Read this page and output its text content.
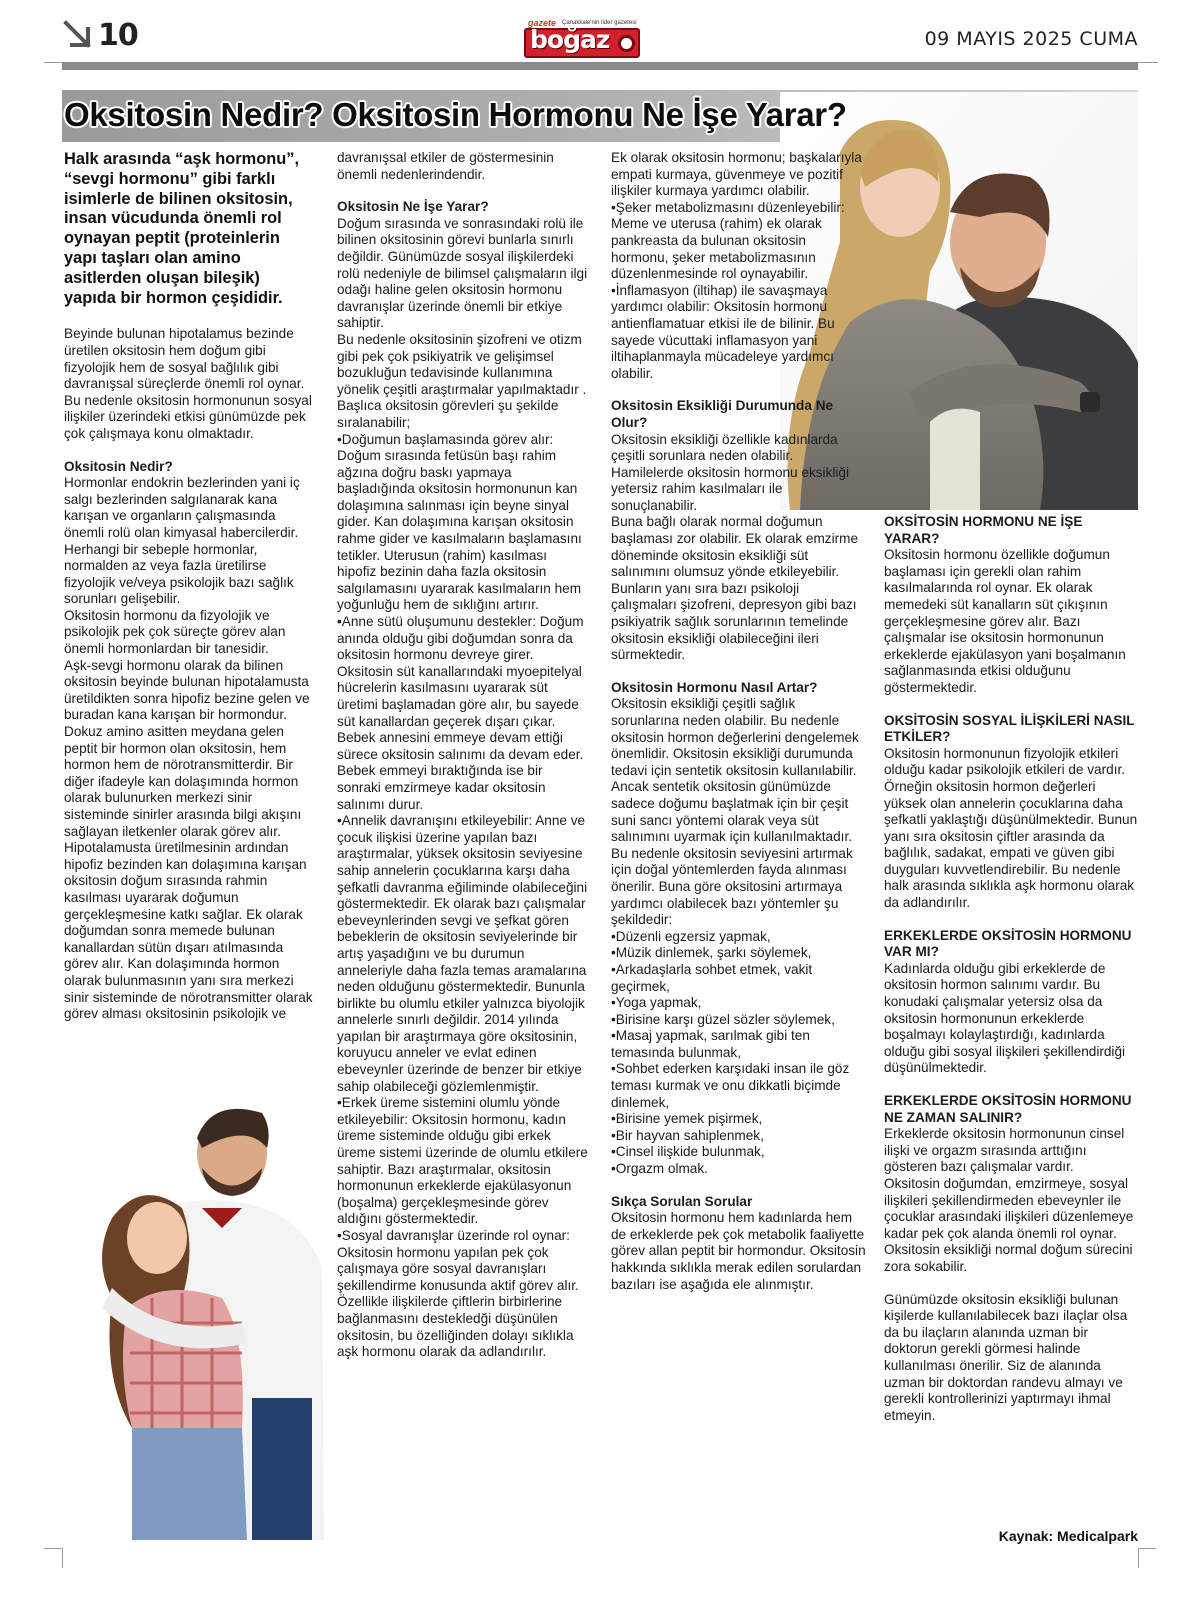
10	gazete Çanakkale'nin lider gazetesi
boğaz	09 MAYIS 2025 CUMA
Oksitosin Nedir? Oksitosin Hormonu Ne İşe Yarar?

Halk arasında “aşk hormonu”, “sevgi hormonu” gibi farklı isimlerle de bilinen oksitosin, insan vücudunda önemli rol oynayan peptit (proteinlerin yapı taşları olan amino asitlerden oluşan bileşik) yapıda bir hormon çeşididir.

Beyinde bulunan hipotalamus bezinde üretilen oksitosin hem doğum gibi fizyolojik hem de sosyal bağlılık gibi davranışsal süreçlerde önemli rol oynar. Bu nedenle oksitosin hormonunun sosyal ilişkiler üzerindeki etkisi günümüzde pek çok çalışmaya konu olmaktadır.

Oksitosin Nedir?

Hormonlar endokrin bezlerinden yani iç salgı bezlerinden salgılanarak kana karışan ve organların çalışmasında önemli rolü olan kimyasal habercilerdir. Herhangi bir sebeple hormonlar, normalden az veya fazla üretilirse fizyolojik ve/veya psikolojik bazı sağlık sorunları gelişebilir.

Oksitosin hormonu da fizyolojik ve psikolojik pek çok süreçte görev alan önemli hormonlardan bir tanesidir.

Aşk-sevgi hormonu olarak da bilinen oksitosin beyinde bulunan hipotalamusta üretildikten sonra hipofiz bezine gelen ve buradan kana karışan bir hormondur.

Dokuz amino asitten meydana gelen peptit bir hormon olan oksitosin, hem hormon hem de nörotransmitterdir. Bir diğer ifadeyle kan dolaşımında hormon olarak bulunurken merkezi sinir sisteminde sinirler arasında bilgi akışını sağlayan iletkenler olarak görev alır.

Hipotalamusta üretilmesinin ardından hipofiz bezinden kan dolaşımına karışan oksitosin doğum sırasında rahmin kasılması uyararak doğumun gerçekleşmesine katkı sağlar. Ek olarak doğumdan sonra memede bulunan kanallardan sütün dışarı atılmasında görev alır. Kan dolaşımında hormon olarak bulunmasının yanı sıra merkezi sinir sisteminde de nörotransmitter olarak görev alması oksitosinin psikolojik ve

davranışsal etkiler de göstermesinin önemli nedenlerindendir.

Oksitosin Ne İşe Yarar?

Doğum sırasında ve sonrasındaki rolü ile bilinen oksitosinin görevi bunlarla sınırlı değildir. Günümüzde sosyal ilişkilerdeki rolü nedeniyle de bilimsel çalışmaların ilgi odağı haline gelen oksitosin hormonu davranışlar üzerinde önemli bir etkiye sahiptir.

Bu nedenle oksitosinin şizofreni ve otizm gibi pek çok psikiyatrik ve gelişimsel bozukluğun tedavisinde kullanımına yönelik çeşitli araştırmalar yapılmaktadır . Başlıca oksitosin görevleri şu şekilde sıralanabilir;

•Doğumun başlamasında görev alır: Doğum sırasında fetüsün başı rahim ağzına doğru baskı yapmaya başladığında oksitosin hormonunun kan dolaşımına salınması için beyne sinyal gider. Kan dolaşımına karışan oksitosin rahme gider ve kasılmaların başlamasını tetikler. Uterusun (rahim) kasılması hipofiz bezinin daha fazla oksitosin salgılamasını uyararak kasılmaların hem yoğunluğu hem de sıklığını artırır.

•Anne sütü oluşumunu destekler: Doğum anında olduğu gibi doğumdan sonra da oksitosin hormonu devreye girer. Oksitosin süt kanallarındaki myoepitelyal hücrelerin kasılmasını uyararak süt üretimi başlamadan göre alır, bu sayede süt kanallardan geçerek dışarı çıkar. Bebek annesini emmeye devam ettiği sürece oksitosin salınımı da devam eder. Bebek emmeyi bıraktığında ise bir sonraki emzirmeye kadar oksitosin salınımı durur.

•Annelik davranışını etkileyebilir: Anne ve çocuk ilişkisi üzerine yapılan bazı araştırmalar, yüksek oksitosin seviyesine sahip annelerin çocuklarına karşı daha şefkatli davranma eğiliminde olabileceğini göstermektedir. Ek olarak bazı çalışmalar ebeveynlerinden sevgi ve şefkat gören bebeklerin de oksitosin seviyelerinde bir artış yaşadığını ve bu durumun anneleriyle daha fazla temas aramalarına neden olduğunu göstermektedir. Bununla birlikte bu olumlu etkiler yalnızca biyolojik annelerle sınırlı değildir. 2014 yılında yapılan bir araştırmaya göre oksitosinin, koruyucu anneler ve evlat edinen ebeveynler üzerinde de benzer bir etkiye sahip olabileceği gözlemlenmiştir.

•Erkek üreme sistemini olumlu yönde etkileyebilir: Oksitosin hormonu, kadın üreme sisteminde olduğu gibi erkek üreme sistemi üzerinde de olumlu etkilere sahiptir. Bazı araştırmalar, oksitosin hormonunun erkeklerde ejakülasyonun (boşalma) gerçekleşmesinde görev aldığını göstermektedir.

•Sosyal davranışlar üzerinde rol oynar: Oksitosin hormonu yapılan pek çok çalışmaya göre sosyal davranışları şekillendirme konusunda aktif görev alır. Özellikle ilişkilerde çiftlerin birbirlerine bağlanmasını destekledği düşünülen oksitosin, bu özelliğinden dolayı sıklıkla aşk hormonu olarak da adlandırılır.

Ek olarak oksitosin hormonu; başkalarıyla empati kurmaya, güvenmeye ve pozitif ilişkiler kurmaya yardımcı olabilir.

•Şeker metabolizmasını düzenleyebilir: Meme ve uterusa (rahim) ek olarak pankreasta da bulunan oksitosin hormonu, şeker metabolizmasının düzenlenmesinde rol oynayabilir.

•İnflamasyon (iltihap) ile savaşmaya yardımcı olabilir: Oksitosin hormonu antienflamatuar etkisi ile de bilinir. Bu sayede vücuttaki inflamasyon yani iltihaplanmayla mücadeleye yardımcı olabilir.

Oksitosin Eksikliği Durumunda Ne Olur?

Oksitosin eksikliği özellikle kadınlarda çeşitli sorunlara neden olabilir. Hamilelerde oksitosin hormonu eksikliği yetersiz rahim kasılmaları ile sonuçlanabilir.

Buna bağlı olarak normal doğumun başlaması zor olabilir. Ek olarak emzirme döneminde oksitosin eksikliği süt salınımını olumsuz yönde etkileyebilir. Bunların yanı sıra bazı psikoloji çalışmaları şizofreni, depresyon gibi bazı psikiyatrik sağlık sorunlarının temelinde oksitosin eksikliği olabileceğini ileri sürmektedir.

Oksitosin Hormonu Nasıl Artar?

Oksitosin eksikliği çeşitli sağlık sorunlarına neden olabilir. Bu nedenle oksitosin hormon değerlerini dengelemek önemlidir. Oksitosin eksikliği durumunda tedavi için sentetik oksitosin kullanılabilir.

Ancak sentetik oksitosin günümüzde sadece doğumu başlatmak için bir çeşit suni sancı yöntemi olarak veya süt salınımını uyarmak için kullanılmaktadır. Bu nedenle oksitosin seviyesini artırmak için doğal yöntemlerden fayda alınması önerilir. Buna göre oksitosini artırmaya yardımcı olabilecek bazı yöntemler şu şekildedir:

•Düzenli egzersiz yapmak,

•Müzik dinlemek, şarkı söylemek,

•Arkadaşlarla sohbet etmek, vakit geçirmek,

•Yoga yapmak,

•Birisine karşı güzel sözler söylemek,

•Masaj yapmak, sarılmak gibi ten temasında bulunmak,

•Sohbet ederken karşıdaki insan ile göz teması kurmak ve onu dikkatli biçimde dinlemek,

•Birisine yemek pişirmek,

•Bir hayvan sahiplenmek,

•Cinsel ilişkide bulunmak,

•Orgazm olmak.

Sıkça Sorulan Sorular

Oksitosin hormonu hem kadınlarda hem de erkeklerde pek çok metabolik faaliyette görev allan peptit bir hormondur. Oksitosin hakkında sıklıkla merak edilen sorulardan bazıları ise aşağıda ele alınmıştır.

OKSİTOSİN HORMONU NE İŞE YARAR?

Oksitosin hormonu özellikle doğumun başlaması için gerekli olan rahim kasılmalarında rol oynar. Ek olarak memedeki süt kanalların süt çıkışının gerçekleşmesine görev alır. Bazı çalışmalar ise oksitosin hormonunun erkeklerde ejakülasyon yani boşalmanın sağlanmasında etkisi olduğunu göstermektedir.

OKSİTOSİN SOSYAL İLİŞKİLERİ NASIL ETKİLER?

Oksitosin hormonunun fizyolojik etkileri olduğu kadar psikolojik etkileri de vardır. Örneğin oksitosin hormon değerleri yüksek olan annelerin çocuklarına daha şefkatli yaklaştığı düşünülmektedir. Bunun yanı sıra oksitosin çiftler arasında da bağlılık, sadakat, empati ve güven gibi duyguları kuvvetlendirebilir. Bu nedenle halk arasında sıklıkla aşk hormonu olarak da adlandırılır.

ERKEKLERDE OKSİTOSİN HORMONU VAR MI?

Kadınlarda olduğu gibi erkeklerde de oksitosin hormon salınımı vardır. Bu konudaki çalışmalar yetersiz olsa da oksitosin hormonunun erkeklerde boşalmayı kolaylaştırdığı, kadınlarda olduğu gibi sosyal ilişkileri şekillendirdiği düşünülmektedir.

ERKEKLERDE OKSİTOSİN HORMONU NE ZAMAN SALINIR?

Erkeklerde oksitosin hormonunun cinsel ilişki ve orgazm sırasında arttığını gösteren bazı çalışmalar vardır.

Oksitosin doğumdan, emzirmeye, sosyal ilişkileri şekillendirmeden ebeveynler ile çocuklar arasındaki ilişkileri düzenlemeye kadar pek çok alanda önemli rol oynar. Oksitosin eksikliği normal doğum sürecini zora sokabilir.

Günümüzde oksitosin eksikliği bulunan kişilerde kullanılabilecek bazı ilaçlar olsa da bu ilaçların alanında uzman bir doktorun gerekli görmesi halinde kullanılması önerilir. Siz de alanında uzman bir doktordan randevu almayı ve gerekli kontrollerinizi yaptırmayı ihmal etmeyin.

Kaynak: Medicalpark
